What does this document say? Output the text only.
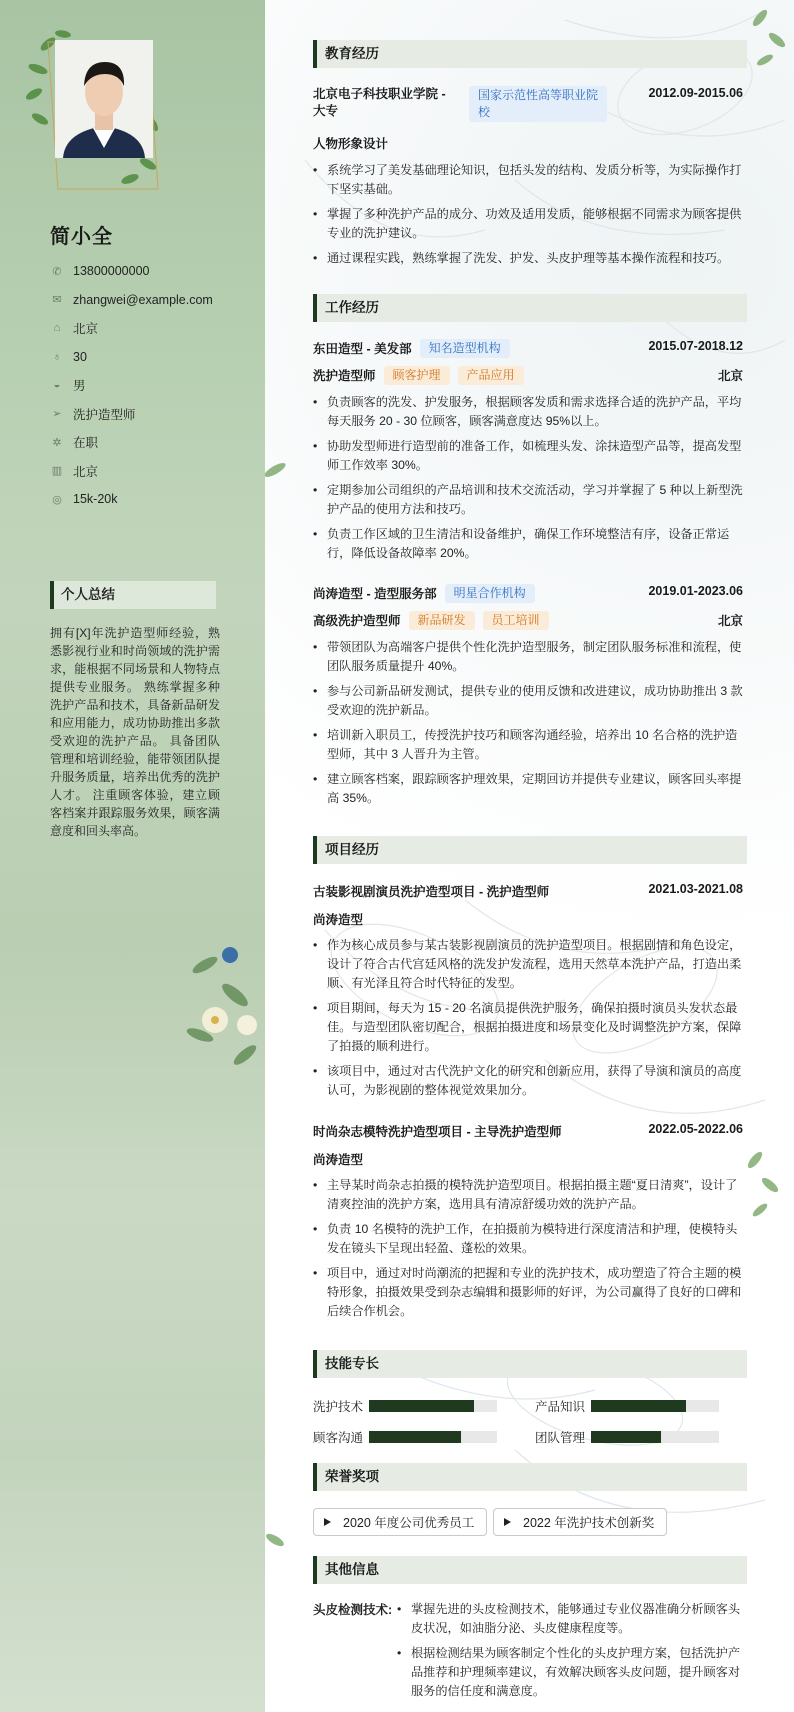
简小全
✆ 13800000000
✉ zhangwei@example.com
⌂ 北京
♁ 30
◒ 男
➢ 洗护造型师
✲ 在职
▥ 北京
◎ 15k-20k
个人总结
拥有[X]年洗护造型师经验，熟悉影视行业和时尚领域的洗护需求，能根据不同场景和人物特点提供专业服务。 熟练掌握多种洗护产品和技术，具备新品研发和应用能力，成功协助推出多款受欢迎的洗护产品。 具备团队管理和培训经验，能带领团队提升服务质量，培养出优秀的洗护人才。 注重顾客体验，建立顾客档案并跟踪服务效果，顾客满意度和回头率高。
教育经历
北京电子科技职业学院 - 大专
国家示范性高等职业院校
2012.09-2015.06
人物形象设计
• 系统学习了美发基础理论知识，包括头发的结构、发质分析等，为实际操作打下坚实基础。
• 掌握了多种洗护产品的成分、功效及适用发质，能够根据不同需求为顾客提供专业的洗护建议。
• 通过课程实践，熟练掌握了洗发、护发、头皮护理等基本操作流程和技巧。
工作经历
东田造型 - 美发部	知名造型机构	2015.07-2018.12
洗护造型师	顾客护理	产品应用	北京
• 负责顾客的洗发、护发服务，根据顾客发质和需求选择合适的洗护产品，平均每天服务 20 - 30 位顾客，顾客满意度达 95%以上。
• 协助发型师进行造型前的准备工作，如梳理头发、涂抹造型产品等，提高发型师工作效率 30%。
• 定期参加公司组织的产品培训和技术交流活动，学习并掌握了 5 种以上新型洗护产品的使用方法和技巧。
• 负责工作区域的卫生清洁和设备维护，确保工作环境整洁有序，设备正常运行，降低设备故障率 20%。
尚涛造型 - 造型服务部	明星合作机构	2019.01-2023.06
高级洗护造型师	新品研发	员工培训	北京
• 带领团队为高端客户提供个性化洗护造型服务，制定团队服务标准和流程，使团队服务质量提升 40%。
• 参与公司新品研发测试，提供专业的使用反馈和改进建议，成功协助推出 3 款受欢迎的洗护新品。
• 培训新入职员工，传授洗护技巧和顾客沟通经验，培养出 10 名合格的洗护造型师，其中 3 人晋升为主管。
• 建立顾客档案，跟踪顾客护理效果，定期回访并提供专业建议，顾客回头率提高 35%。
项目经历
古装影视剧演员洗护造型项目 - 洗护造型师	2021.03-2021.08
尚涛造型
• 作为核心成员参与某古装影视剧演员的洗护造型项目。根据剧情和角色设定，设计了符合古代宫廷风格的洗发护发流程，选用天然草本洗护产品，打造出柔顺、有光泽且符合时代特征的发型。
• 项目期间，每天为 15 - 20 名演员提供洗护服务，确保拍摄时演员头发状态最佳。与造型团队密切配合，根据拍摄进度和场景变化及时调整洗护方案，保障了拍摄的顺利进行。
• 该项目中，通过对古代洗护文化的研究和创新应用，获得了导演和演员的高度认可，为影视剧的整体视觉效果加分。
时尚杂志模特洗护造型项目 - 主导洗护造型师	2022.05-2022.06
尚涛造型
• 主导某时尚杂志拍摄的模特洗护造型项目。根据拍摄主题“夏日清爽”，设计了清爽控油的洗护方案，选用具有清凉舒缓功效的洗护产品。
• 负责 10 名模特的洗护工作，在拍摄前为模特进行深度清洁和护理，使模特头发在镜头下呈现出轻盈、蓬松的效果。
• 项目中，通过对时尚潮流的把握和专业的洗护技术，成功塑造了符合主题的模特形象，拍摄效果受到杂志编辑和摄影师的好评，为公司赢得了良好的口碑和后续合作机会。
技能专长
洗护技术	产品知识
顾客沟通	团队管理
荣誉奖项
2020 年度公司优秀员工	2022 年洗护技术创新奖
其他信息
头皮检测技术:
•	掌握先进的头皮检测技术，能够通过专业仪器准确分析顾客头皮状况，如油脂分泌、头皮健康程度等。
• 根据检测结果为顾客制定个性化的头皮护理方案，包括洗护产品推荐和护理频率建议，有效解决顾客头皮问题，提升顾客对服务的信任度和满意度。
